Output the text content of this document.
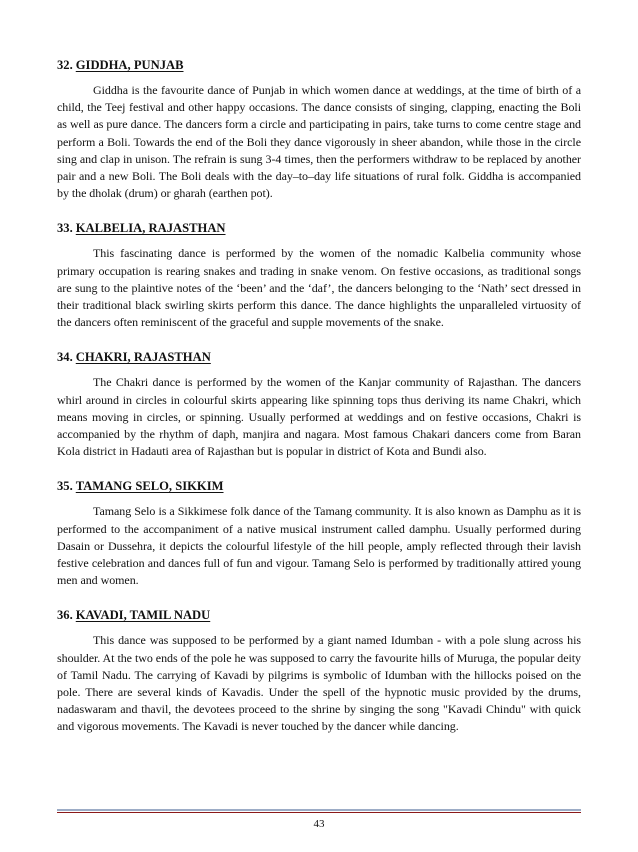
32. GIDDHA, PUNJAB

Giddha is the favourite dance of Punjab in which women dance at weddings, at the time of birth of a child, the Teej festival and other happy occasions. The dance consists of singing, clapping, enacting the Boli as well as pure dance. The dancers form a circle and participating in pairs, take turns to come centre stage and perform a Boli. Towards the end of the Boli they dance vigorously in sheer abandon, while those in the circle sing and clap in unison. The refrain is sung 3-4 times, then the performers withdraw to be replaced by another pair and a new Boli. The Boli deals with the day–to–day life situations of rural folk. Giddha is accompanied by the dholak (drum) or gharah (earthen pot).

33. KALBELIA, RAJASTHAN

This fascinating dance is performed by the women of the nomadic Kalbelia community whose primary occupation is rearing snakes and trading in snake venom. On festive occasions, as traditional songs are sung to the plaintive notes of the ‘been’ and the ‘daf’, the dancers belonging to the ‘Nath’ sect dressed in their traditional black swirling skirts perform this dance. The dance highlights the unparalleled virtuosity of the dancers often reminiscent of the graceful and supple movements of the snake.

34. CHAKRI, RAJASTHAN

The Chakri dance is performed by the women of the Kanjar community of Rajasthan. The dancers whirl around in circles in colourful skirts appearing like spinning tops thus deriving its name Chakri, which means moving in circles, or spinning. Usually performed at weddings and on festive occasions, Chakri is accompanied by the rhythm of daph, manjira and nagara. Most famous Chakari dancers come from Baran Kola district in Hadauti area of Rajasthan but is popular in district of Kota and Bundi also.

35. TAMANG SELO, SIKKIM

Tamang Selo is a Sikkimese folk dance of the Tamang community. It is also known as Damphu as it is performed to the accompaniment of a native musical instrument called damphu. Usually performed during Dasain or Dussehra, it depicts the colourful lifestyle of the hill people, amply reflected through their lavish festive celebration and dances full of fun and vigour. Tamang Selo is performed by traditionally attired young men and women.

36. KAVADI, TAMIL NADU

This dance was supposed to be performed by a giant named Idumban - with a pole slung across his shoulder. At the two ends of the pole he was supposed to carry the favourite hills of Muruga, the popular deity of Tamil Nadu. The carrying of Kavadi by pilgrims is symbolic of Idumban with the hillocks poised on the pole. There are several kinds of Kavadis. Under the spell of the hypnotic music provided by the drums, nadaswaram and thavil, the devotees proceed to the shrine by singing the song "Kavadi Chindu" with quick and vigorous movements. The Kavadi is never touched by the dancer while dancing.

43
